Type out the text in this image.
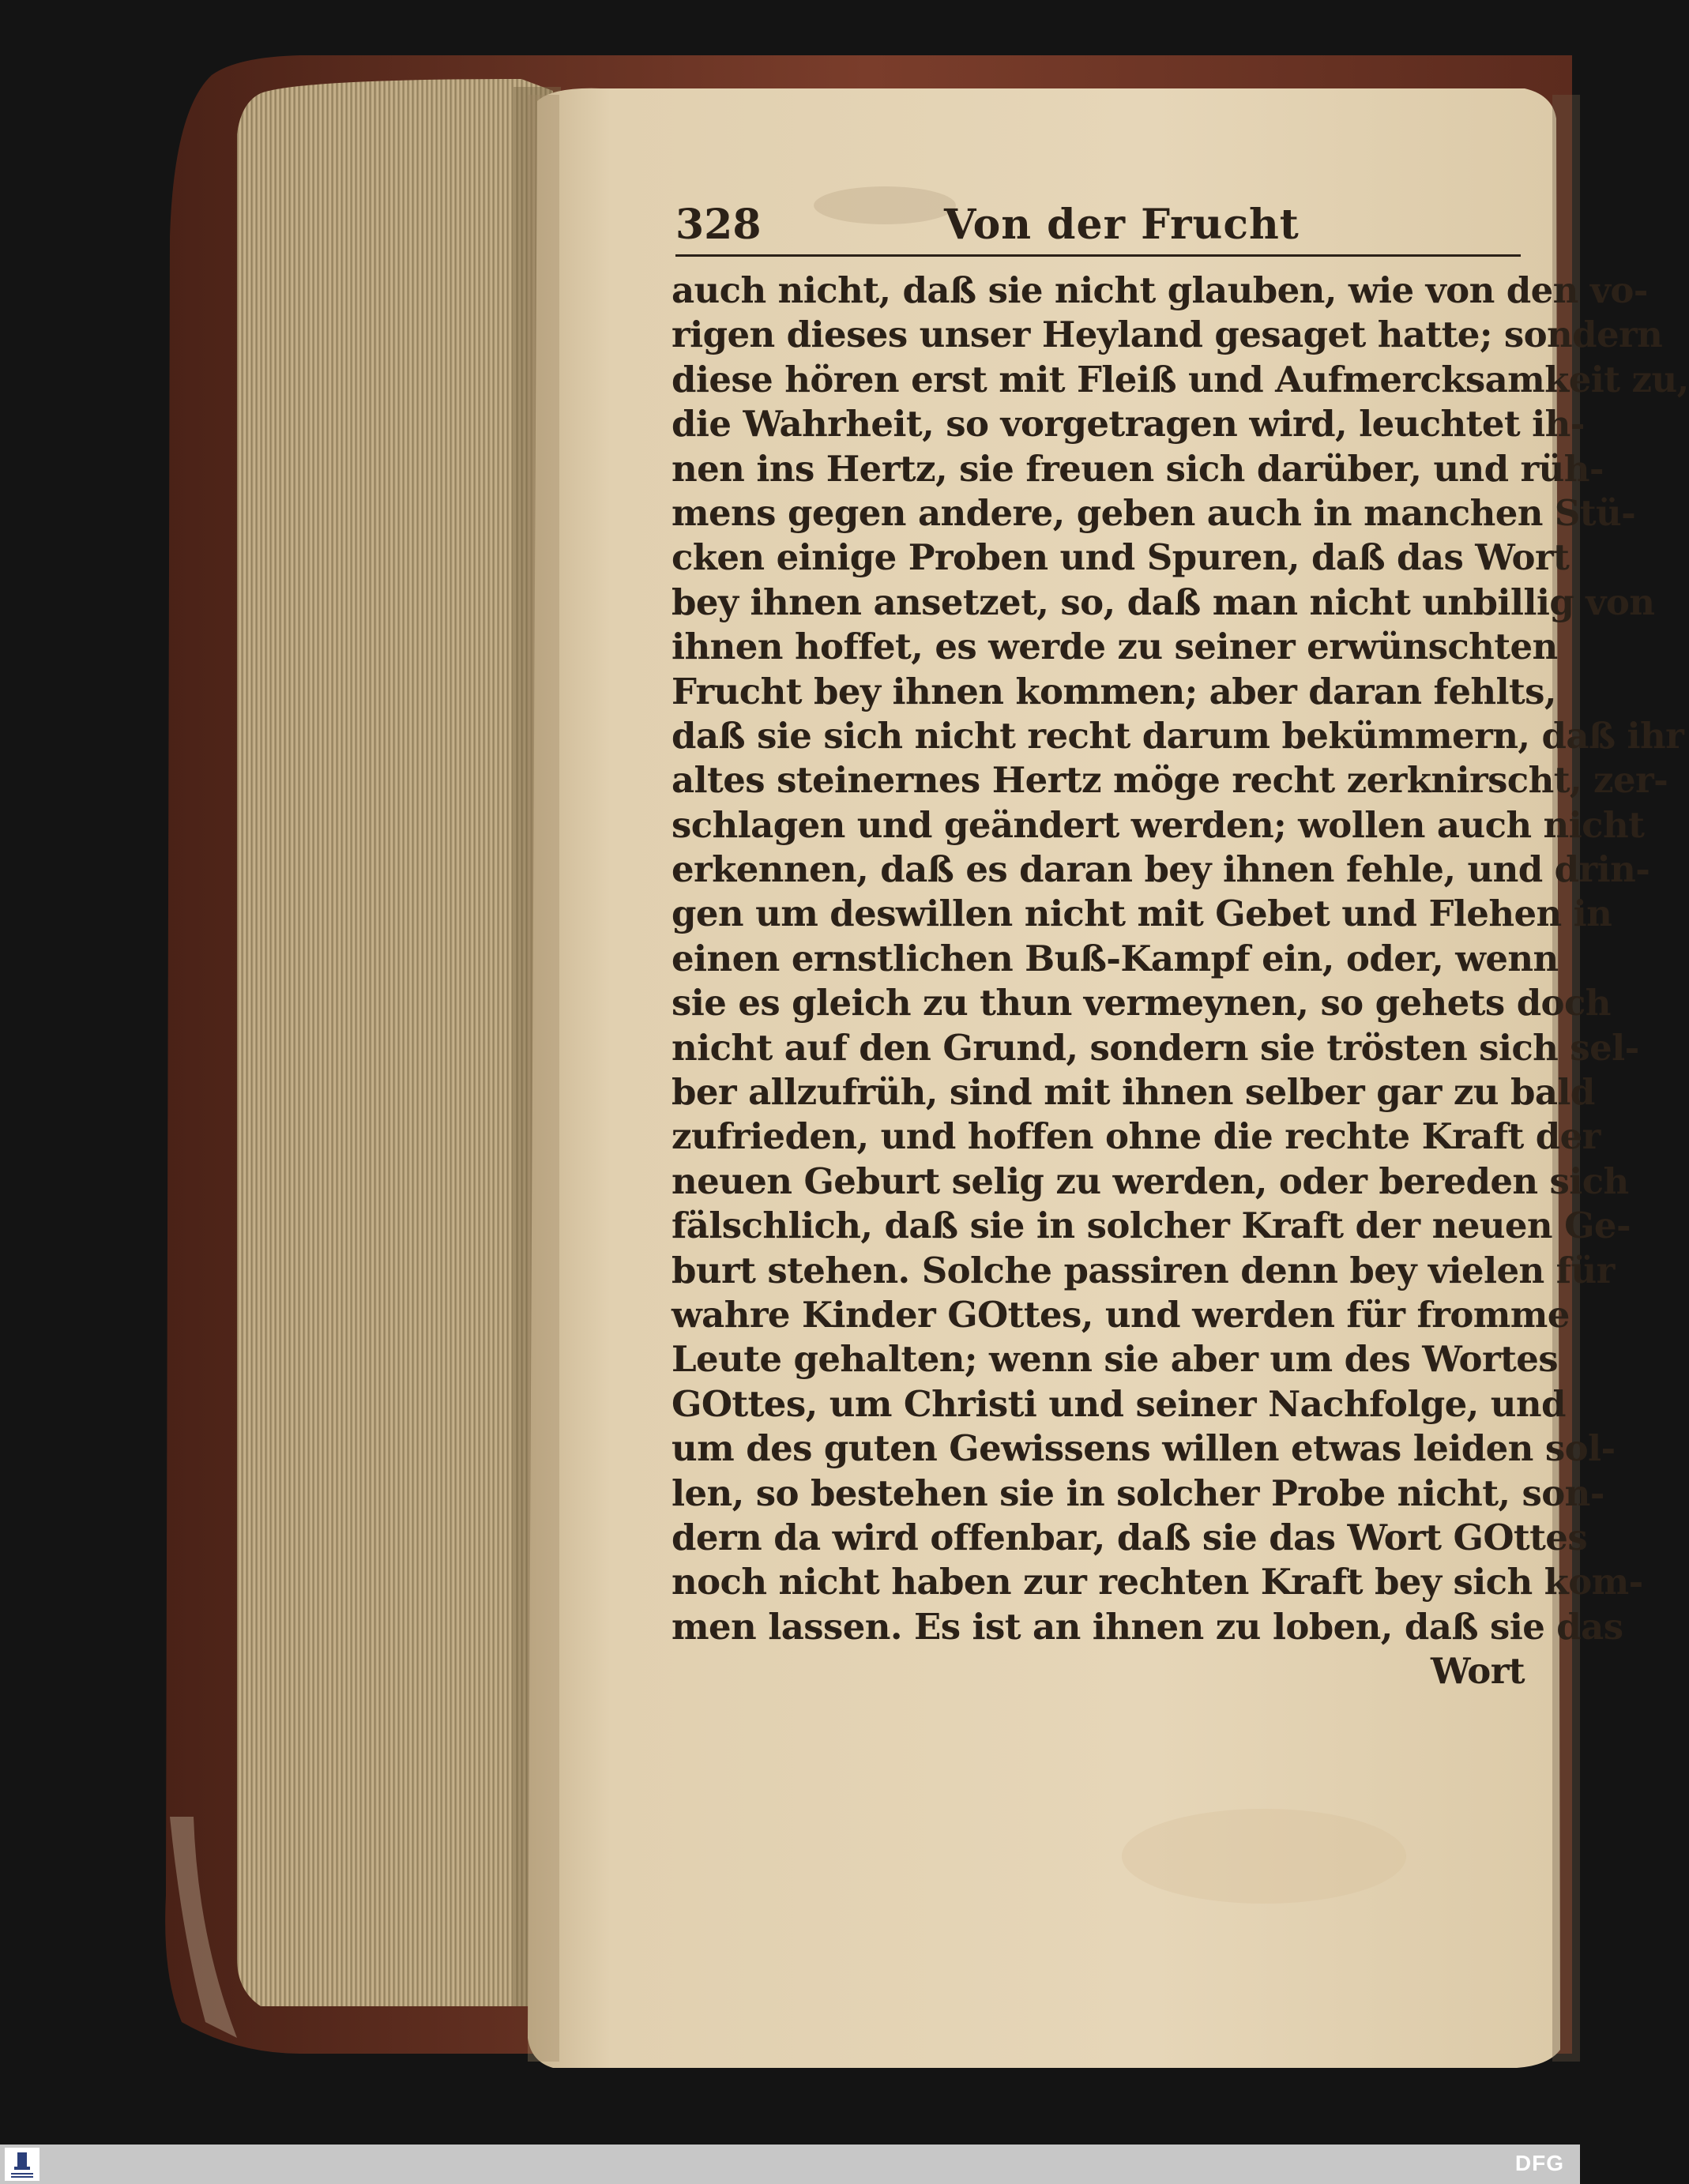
328	Von der Frucht
auch nicht, daß sie nicht glauben, wie von den vo-
rigen dieses unser Heyland gesaget hatte; sondern
diese hören erst mit Fleiß und Aufmercksamkeit zu,
die Wahrheit, so vorgetragen wird, leuchtet ih-
nen ins Hertz, sie freuen sich darüber, und rüh-
mens gegen andere, geben auch in manchen Stü-
cken einige Proben und Spuren, daß das Wort
bey ihnen ansetzet, so, daß man nicht unbillig von
ihnen hoffet, es werde zu seiner erwünschten
Frucht bey ihnen kommen; aber daran fehlts,
daß sie sich nicht recht darum bekümmern, daß ihr
altes steinernes Hertz möge recht zerknirscht, zer-
schlagen und geändert werden; wollen auch nicht
erkennen, daß es daran bey ihnen fehle, und drin-
gen um deswillen nicht mit Gebet und Flehen in
einen ernstlichen Buß-Kampf ein, oder, wenn
sie es gleich zu thun vermeynen, so gehets doch
nicht auf den Grund, sondern sie trösten sich sel-
ber allzufrüh, sind mit ihnen selber gar zu bald
zufrieden, und hoffen ohne die rechte Kraft der
neuen Geburt selig zu werden, oder bereden sich
fälschlich, daß sie in solcher Kraft der neuen Ge-
burt stehen. Solche passiren denn bey vielen für
wahre Kinder GOttes, und werden für fromme
Leute gehalten; wenn sie aber um des Wortes
GOttes, um Christi und seiner Nachfolge, und
um des guten Gewissens willen etwas leiden sol-
len, so bestehen sie in solcher Probe nicht, son-
dern da wird offenbar, daß sie das Wort GOttes
noch nicht haben zur rechten Kraft bey sich kom-
men lassen. Es ist an ihnen zu loben, daß sie das
Wort
DFG
